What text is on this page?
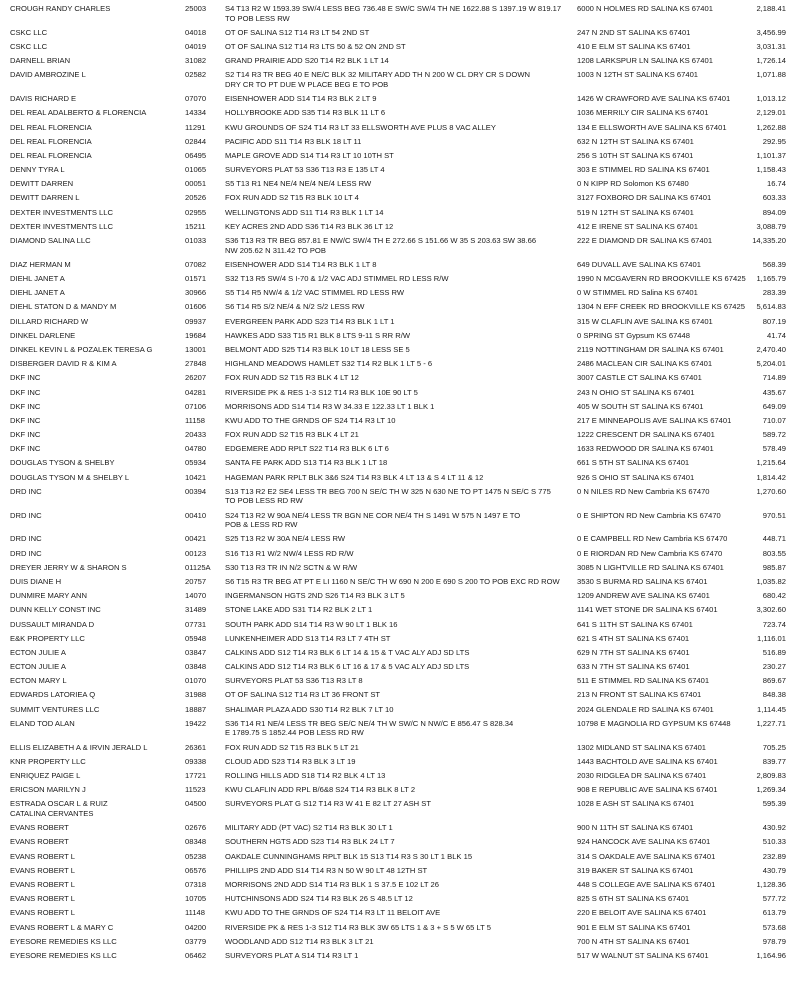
CROUGH RANDY CHARLES	25003	S4 T13 R2 W 1593.39 SW/4 LESS BEG 736.48 E SW/C SW/4 TH NE 1622.88 S 1397.19 W 819.17
TO POB LESS RW	6000 N HOLMES RD SALINA KS 67401	2,188.41

CSKC LLC	04018	OT OF SALINA S12 T14 R3 LT 54 2ND ST	247 N 2ND ST SALINA KS 67401	3,456.99

CSKC LLC	04019	OT OF SALINA S12 T14 R3 LTS 50 & 52 ON 2ND ST	410 E ELM ST SALINA KS 67401	3,031.31

DARNELL BRIAN	31082	GRAND PRAIRIE ADD S20 T14 R2 BLK 1 LT 14	1208 LARKSPUR LN SALINA KS 67401	1,726.14

DAVID AMBROZINE L	02582	S2 T14 R3 TR BEG 40 E NE/C BLK 32 MILITARY ADD TH N 200 W CL DRY CR S DOWN
DRY CR TO PT DUE W PLACE BEG E TO POB	1003 N 12TH ST SALINA KS 67401	1,071.88

DAVIS RICHARD E	07070	EISENHOWER ADD S14 T14 R3 BLK 2 LT 9	1426 W CRAWFORD AVE SALINA KS 67401	1,013.12

DEL REAL ADALBERTO & FLORENCIA	14334	HOLLYBROOKE ADD S35 T14 R3 BLK 11 LT 6	1036 MERRILY CIR SALINA KS 67401	2,129.01

DEL REAL FLORENCIA	11291	KWU GROUNDS OF S24 T14 R3 LT 33 ELLSWORTH AVE PLUS 8 VAC ALLEY	134 E ELLSWORTH AVE SALINA KS 67401	1,262.88

DEL REAL FLORENCIA	02844	PACIFIC ADD S11 T14 R3 BLK 18 LT 11	632 N 12TH ST SALINA KS 67401	292.95

DEL REAL FLORENCIA	06495	MAPLE GROVE ADD S14 T14 R3 LT 10 10TH ST	256 S 10TH ST SALINA KS 67401	1,101.37

DENNY TYRA L	01065	SURVEYORS PLAT 53 S36 T13 R3 E 135 LT 4	303 E STIMMEL RD SALINA KS 67401	1,158.43

DEWITT DARREN	00051	S5 T13 R1 NE4 NE/4 NE/4 NE/4 LESS RW	0 N KIPP RD Solomon KS 67480	16.74

DEWITT DARREN L	20526	FOX RUN ADD S2 T15 R3 BLK 10 LT 4	3127 FOXBORO DR SALINA KS 67401	603.33

DEXTER INVESTMENTS LLC	02955	WELLINGTONS ADD S11 T14 R3 BLK 1 LT 14	519 N 12TH ST SALINA KS 67401	894.09

DEXTER INVESTMENTS LLC	15211	KEY ACRES 2ND ADD S36 T14 R3 BLK 36 LT 12	412 E IRENE ST SALINA KS 67401	3,088.79

DIAMOND SALINA LLC	01033	S36 T13 R3 TR BEG 857.81 E NW/C SW/4 TH E 272.66 S 151.66 W 35 S 203.63 SW 38.66
NW 205.62 N 311.42 TO POB	222 E DIAMOND DR SALINA KS 67401	14,335.20

DIAZ HERMAN M	07082	EISENHOWER ADD S14 T14 R3 BLK 1 LT 8	649 DUVALL AVE SALINA KS 67401	568.39

DIEHL JANET A	01571	S32 T13 R5 SW/4 S I-70 & 1/2 VAC ADJ STIMMEL RD LESS R/W	1990 N MCGAVERN RD BROOKVILLE KS 67425	1,165.79

DIEHL JANET A	30966	S5 T14 R5 NW/4 & 1/2 VAC STIMMEL RD LESS RW	0 W STIMMEL RD Salina KS 67401	283.39

DIEHL STATON D & MANDY M	01606	S6 T14 R5 S/2 NE/4 & N/2 S/2 LESS RW	1304 N EFF CREEK RD BROOKVILLE KS 67425	5,614.83

DILLARD RICHARD W	09937	EVERGREEN PARK ADD S23 T14 R3 BLK 1 LT 1	315 W CLAFLIN AVE SALINA KS 67401	807.19

DINKEL DARLENE	19684	HAWKES ADD S33 T15 R1 BLK 8 LTS 9-11 S RR R/W	0 SPRING ST Gypsum KS 67448	41.74

DINKEL KEVIN L & POZALEK TERESA G	13001	BELMONT ADD S25 T14 R3 BLK 10 LT 18 LESS SE 5	2119 NOTTINGHAM DR SALINA KS 67401	2,470.40

DISBERGER DAVID R & KIM A	27848	HIGHLAND MEADOWS HAMLET S32 T14 R2 BLK 1 LT 5 - 6	2486 MACLEAN CIR SALINA KS 67401	5,204.01

DKF INC	26207	FOX RUN ADD S2 T15 R3 BLK 4 LT 12	3007 CASTLE CT SALINA KS 67401	714.89

DKF INC	04281	RIVERSIDE PK & RES 1-3 S12 T14 R3 BLK 10E 90 LT 5	243 N OHIO ST SALINA KS 67401	435.67

DKF INC	07106	MORRISONS ADD S14 T14 R3 W 34.33 E 122.33 LT 1 BLK 1	405 W SOUTH ST SALINA KS 67401	649.09

DKF INC	11158	KWU ADD TO THE GRNDS OF S24 T14 R3 LT 10	217 E MINNEAPOLIS AVE SALINA KS 67401	710.07

DKF INC	20433	FOX RUN ADD S2 T15 R3 BLK 4 LT 21	1222 CRESCENT DR SALINA KS 67401	589.72

DKF INC	04780	EDGEMERE ADD RPLT S22 T14 R3 BLK 6 LT 6	1633 REDWOOD DR SALINA KS 67401	578.49

DOUGLAS TYSON & SHELBY	05934	SANTA FE PARK ADD S13 T14 R3 BLK 1 LT 18	661 S 5TH ST SALINA KS 67401	1,215.64

DOUGLAS TYSON M & SHELBY L	10421	HAGEMAN PARK RPLT BLK 3&6 S24 T14 R3 BLK 4 LT 13 & S 4 LT 11 & 12	926 S OHIO ST SALINA KS 67401	1,814.42

DRD INC	00394	S13 T13 R2 E2 SE4 LESS TR BEG 700 N SE/C TH W 325 N 630 NE TO PT 1475 N SE/C S 775
TO POB LESS RD RW	0 N NILES RD New Cambria KS 67470	1,270.60

DRD INC	00410	S24 T13 R2 W 90A NE/4 LESS TR BGN NE COR NE/4 TH S 1491 W 575 N 1497 E TO
POB & LESS RD RW	0 E SHIPTON RD New Cambria KS 67470	970.51

DRD INC	00421	S25 T13 R2 W 30A NE/4 LESS RW	0 E CAMPBELL RD New Cambria KS 67470	448.71

DRD INC	00123	S16 T13 R1 W/2 NW/4 LESS RD R/W	0 E RIORDAN RD New Cambria KS 67470	803.55

DREYER JERRY W & SHARON S	01125A	S30 T13 R3 TR IN N/2 SCTN & W R/W	3085 N LIGHTVILLE RD SALINA KS 67401	985.87

DUIS DIANE H	20757	S6 T15 R3 TR BEG AT PT E LI 1160 N SE/C TH W 690 N 200 E 690 S 200 TO POB EXC RD ROW	3530 S BURMA RD SALINA KS 67401	1,035.82

DUNMIRE MARY ANN	14070	INGERMANSON HGTS 2ND S26 T14 R3 BLK 3 LT 5	1209 ANDREW AVE SALINA KS 67401	680.42

DUNN KELLY CONST INC	31489	STONE LAKE ADD S31 T14 R2 BLK 2 LT 1	1141 WET STONE DR SALINA KS 67401	3,302.60

DUSSAULT MIRANDA D	07731	SOUTH PARK ADD S14 T14 R3 W 90 LT 1 BLK 16	641 S 11TH ST SALINA KS 67401	723.74

E&K PROPERTY LLC	05948	LUNKENHEIMER ADD S13 T14 R3 LT 7 4TH ST	621 S 4TH ST SALINA KS 67401	1,116.01

ECTON JULIE A	03847	CALKINS ADD S12 T14 R3 BLK 6 LT 14 & 15 & T VAC ALY ADJ SD LTS	629 N 7TH ST SALINA KS 67401	516.89

ECTON JULIE A	03848	CALKINS ADD S12 T14 R3 BLK 6 LT 16 & 17 & 5 VAC ALY ADJ SD LTS	633 N 7TH ST SALINA KS 67401	230.27

ECTON MARY L	01070	SURVEYORS PLAT 53 S36 T13 R3 LT 8	511 E STIMMEL RD SALINA KS 67401	869.67

EDWARDS LATORIEA Q	31988	OT OF SALINA S12 T14 R3 LT 36 FRONT ST	213 N FRONT ST SALINA KS 67401	848.38

SUMMIT VENTURES LLC	18887	SHALIMAR PLAZA ADD S30 T14 R2 BLK 7 LT 10	2024 GLENDALE RD SALINA KS 67401	1,114.45

ELAND TOD ALAN	19422	S36 T14 R1 NE/4 LESS TR BEG SE/C NE/4 TH W SW/C N NW/C E 856.47 S 828.34
E 1789.75 S 1852.44 POB LESS RD RW	10798 E MAGNOLIA RD GYPSUM KS 67448	1,227.71

ELLIS ELIZABETH A & IRVIN JERALD L	26361	FOX RUN ADD S2 T15 R3 BLK 5 LT 21	1302 MIDLAND ST SALINA KS 67401	705.25

KNR PROPERTY LLC	09338	CLOUD ADD S23 T14 R3 BLK 3 LT 19	1443 BACHTOLD AVE SALINA KS 67401	839.77

ENRIQUEZ PAIGE L	17721	ROLLING HILLS ADD S18 T14 R2 BLK 4 LT 13	2030 RIDGLEA DR SALINA KS 67401	2,809.83

ERICSON MARILYN J	11523	KWU CLAFLIN ADD RPL B/6&8 S24 T14 R3 BLK 8 LT 2	908 E REPUBLIC AVE SALINA KS 67401	1,269.34

ESTRADA OSCAR L & RUIZ
CATALINA CERVANTES	04500	SURVEYORS PLAT G S12 T14 R3 W 41 E 82 LT 27 ASH ST	1028 E ASH ST SALINA KS 67401	595.39

EVANS ROBERT	02676	MILITARY ADD (PT VAC) S2 T14 R3 BLK 30 LT 1	900 N 11TH ST SALINA KS 67401	430.92

EVANS ROBERT	08348	SOUTHERN HGTS ADD S23 T14 R3 BLK 24 LT 7	924 HANCOCK AVE SALINA KS 67401	510.33

EVANS ROBERT L	05238	OAKDALE CUNNINGHAMS RPLT BLK 15 S13 T14 R3 S 30 LT 1 BLK 15	314 S OAKDALE AVE SALINA KS 67401	232.89

EVANS ROBERT L	06576	PHILLIPS 2ND ADD S14 T14 R3 N 50 W 90 LT 48 12TH ST	319 BAKER ST SALINA KS 67401	430.79

EVANS ROBERT L	07318	MORRISONS 2ND ADD S14 T14 R3 BLK 1 S 37.5 E 102 LT 26	448 S COLLEGE AVE SALINA KS 67401	1,128.36

EVANS ROBERT L	10705	HUTCHINSONS ADD S24 T14 R3 BLK 26 S 48.5 LT 12	825 S 6TH ST SALINA KS 67401	577.72

EVANS ROBERT L	11148	KWU ADD TO THE GRNDS OF S24 T14 R3 LT 11 BELOIT AVE	220 E BELOIT AVE SALINA KS 67401	613.79

EVANS ROBERT L & MARY C	04200	RIVERSIDE PK & RES 1-3 S12 T14 R3 BLK 3W 65 LTS 1 & 3 + S 5 W 65 LT 5	901 E ELM ST SALINA KS 67401	573.68

EYESORE REMEDIES KS LLC	03779	WOODLAND ADD S12 T14 R3 BLK 3 LT 21	700 N 4TH ST SALINA KS 67401	978.79

EYESORE REMEDIES KS LLC	06462	SURVEYORS PLAT A S14 T14 R3 LT 1	517 W WALNUT ST SALINA KS 67401	1,164.96
